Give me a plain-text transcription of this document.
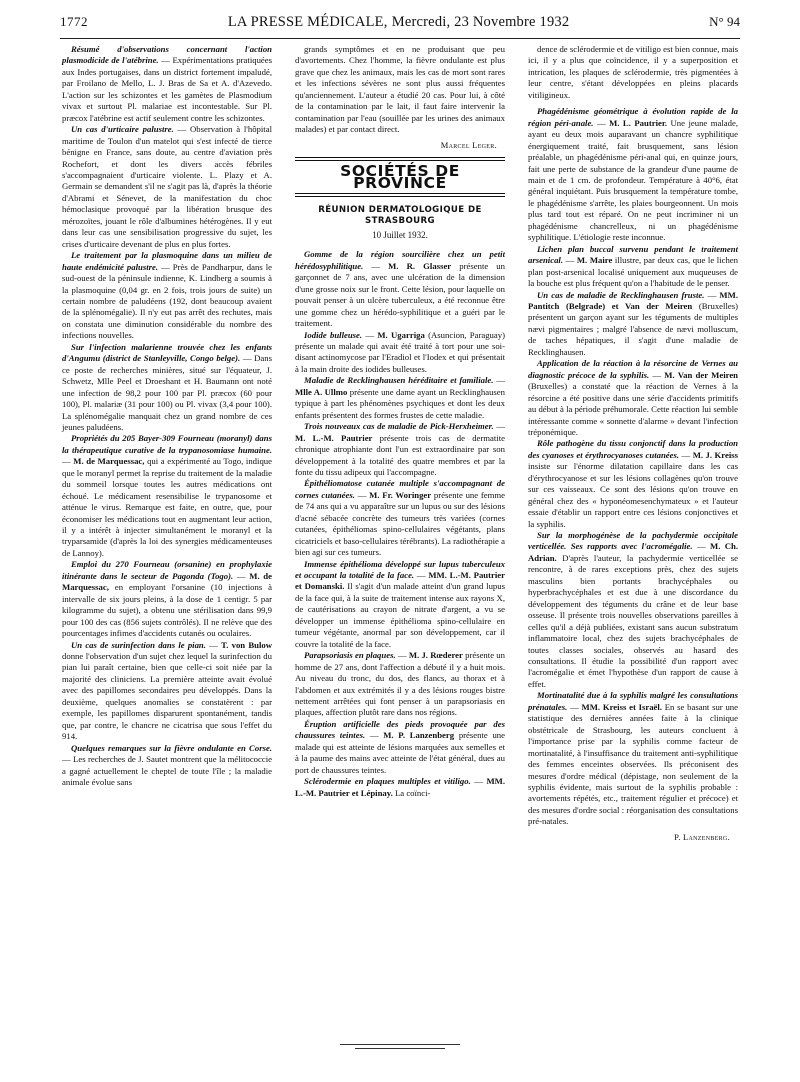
1772	LA PRESSE MÉDICALE, Mercredi, 23 Novembre 1932	N° 94

Résumé d'observations concernant l'action plasmodicide de l'atébrine. — Expérimentations pratiquées aux Indes portugaises, dans un district fortement impaludé, par Froilano de Mello, L. J. Bras de Sa et A. d'Azevedo. L'action sur les schizontes et les gamètes de Plasmodium vivax et surtout Pl. malariae est incontestable. Sur Pl. præcox l'atébrine est actif seulement contre les schizontes.

Un cas d'urticaire palustre. — Observation à l'hôpital maritime de Toulon d'un matelot qui s'est infecté de tierce bénigne en France, sans doute, au centre d'aviation près Rochefort, et dont les divers accès fébriles s'accompagnaient d'urticaire violente. L. Plazy et A. Germain se demandent s'il ne s'agit pas là, d'après la théorie d'Abrami et Sénevet, de la manifestation du choc hémoclasique provoqué par la libération brusque des mérozoïtes, jouant le rôle d'albumines hétérogènes. Il y eut dans leur cas une sensibilisation progressive du sujet, les crises d'urticaire devenant de plus en plus fortes.

Le traitement par la plasmoquine dans un milieu de haute endémicité palustre. — Près de Pandharpur, dans le sud-ouest de la péninsule indienne, K. Lindberg a soumis à la plasmoquine (0,04 gr. en 2 fois, trois jours de suite) un certain nombre de paludéens (192, dont beaucoup avaient de la splénomégalie). Il n'y eut pas arrêt des rechutes, mais on constata une diminution considérable du nombre des infections nouvelles.

Sur l'infection malarienne trouvée chez les enfants d'Angumu (district de Stanleyville, Congo belge). — Dans ce poste de recherches minières, situé sur l'équateur, J. Schwetz, Mlle Peel et Droeshant et H. Baumann ont noté une infection de 98,2 pour 100 par Pl. præcox (60 pour 100), Pl. malariæ (31 pour 100) ou Pl. vivax (3,4 pour 100). La splénomégalie manquait chez un grand nombre de ces jeunes paludéens.

Propriétés du 205 Bayer-309 Fourneau (moranyl) dans la thérapeutique curative de la trypanosomiase humaine. — M. de Marquessac, qui a expérimenté au Togo, indique que le moranyl permet la reprise du traitement de la maladie du sommeil lorsque toutes les autres médications ont échoué. Le médicament resensibilise le trypanosome et atténue le virus. Remarque est faite, en outre, que, pour économiser les médications tout en augmentant leur action, il y a intérêt à injecter simultanément le moranyl et la tryparsamide (d'après la loi des synergies médicamenteuses de Lannoy).

Emploi du 270 Fourneau (orsanine) en prophylaxie itinérante dans le secteur de Pagonda (Togo). — M. de Marquessac, en employant l'orsanine (10 injections à intervalle de six jours pleins, à la dose de 1 centigr. 5 par kilogramme du sujet), a obtenu une stérilisation dans 99,9 pour 100 des cas (856 sujets contrôlés). Il ne relève que des pourcentages infimes d'accidents cutanés ou oculaires.

Un cas de surinfection dans le pian. — T. von Bulow donne l'observation d'un sujet chez lequel la surinfection du pian lui paraît certaine, bien que celle-ci soit niée par la majorité des cliniciens. La première atteinte avait évolué avec des papillomes secondaires peu développés. Dans la deuxième, quelques anomalies se constatèrent : par exemple, les papillomes disparurent spontanément, tandis que, par contre, le chancre ne cicatrisa que sous l'effet du 914.

Quelques remarques sur la fièvre ondulante en Corse. — Les recherches de J. Sautet montrent que la mélitococcie a gagné actuellement le cheptel de toute l'île ; la maladie animale évolue sans

grands symptômes et en ne produisant que peu d'avortements. Chez l'homme, la fièvre ondulante est plus grave que chez les animaux, mais les cas de mort sont rares et les infections sévères ne sont plus aussi fréquentes qu'anciennement. L'auteur a étudié 20 cas. Pour lui, à côté de la contamination par le lait, il faut faire intervenir la contamination par l'eau (souillée par les urines des animaux malades) et par contact direct.

Marcel Leger.
SOCIÉTÉS DE PROVINCE
RÉUNION DERMATOLOGIQUE DE STRASBOURG
10 Juillet 1932.

Gomme de la région sourcilière chez un petit hérédosyphilitique. — M. R. Glasser présente un garçonnet de 7 ans, avec une ulcération de la dimension d'une grosse noix sur le front. Cette lésion, pour laquelle on pouvait penser à un ulcère tuberculeux, a été reconnue être une gomme chez un hérédo-syphilitique et a guéri par le traitement.

Iodide bulleuse. — M. Ugarriga (Asuncion, Paraguay) présente un malade qui avait été traité à tort pour une soi-disant actinomycose par l'Eradiol et l'Iodex et qui présentait à la main droite des iodides bulleuses.

Maladie de Recklinghausen héréditaire et familiale. — Mlle A. Ullmo présente une dame ayant un Recklinghausen typique à part les phénomènes psychiques et dont les deux enfants présentent des formes frustes de cette maladie.

Trois nouveaux cas de maladie de Pick-Herxheimer. — M. L.-M. Pautrier présente trois cas de dermatite chronique atrophiante dont l'un est extraordinaire par son développement à la totalité des quatre membres et par la fonte du tissu adipeux qui l'accompagne.

Épithéliomatose cutanée multiple s'accompagnant de cornes cutanées. — M. Fr. Woringer présente une femme de 74 ans qui a vu apparaître sur un lupus ou sur des lésions d'acné sébacée concrète des tumeurs très variées (cornes cutanées, épithéliomas spino-cellulaires végétants, plans cicatriciels et baso-cellulaires térébrants). La radiothérapie a bien agi sur ces tumeurs.

Immense épithélioma développé sur lupus tuberculeux et occupant la totalité de la face. — MM. L.-M. Pautrier et Domanski. Il s'agit d'un malade atteint d'un grand lupus de la face qui, à la suite de traitement intense aux rayons X, de cautérisations au crayon de nitrate d'argent, a vu se développer un immense épithélioma spino-cellulaire en tumeur végétante, anormal par son développement, car il couvre la totalité de la face.

Parapsoriasis en plaques. — M. J. Rœderer présente un homme de 27 ans, dont l'affection a débuté il y a huit mois. Au niveau du tronc, du dos, des flancs, au thorax et à l'abdomen et aux extrémités il y a des lésions rouges bistre nettement arrêtées qui font penser à un parapsoriasis en plaques, affection plutôt rare dans nos régions.

Éruption artificielle des pieds provoquée par des chaussures teintes. — M. P. Lanzenberg présente une malade qui est atteinte de lésions marquées aux semelles et à la paume des mains avec atteinte de l'état général, dues au port de chaussures teintes.

Sclérodermie en plaques multiples et vitiligo. — MM. L.-M. Pautrier et Lépinay. La coïnci-

dence de sclérodermie et de vitiligo est bien connue, mais ici, il y a plus que coïncidence, il y a superposition et intrication, les plaques de sclérodermie, très pigmentées à leur centre, s'étant développées en pleins placards vitiligineux.

Phagédénisme géométrique à évolution rapide de la région péri-anale. — M. L. Pautrier. Une jeune malade, ayant eu deux mois auparavant un chancre syphilitique énergiquement traité, fait brusquement, sans lésion préalable, un phagédénisme péri-anal qui, en quinze jours, fait une perte de substance de la grandeur d'une paume de main et de 1 cm. de profondeur. Température à 40°6, état général inquiétant. Puis brusquement la température tombe, le phagédénisme s'arrête, les plaies bourgeonnent. Un mois plus tard tout est réparé. On ne peut incriminer ni un phagédénisme chancrelleux, ni un phagédénisme syphilitique. L'étiologie reste inconnue.

Lichen plan buccal survenu pendant le traitement arsenical. — M. Maire illustre, par deux cas, que le lichen plan post-arsenical localisé uniquement aux muqueuses de la bouche est plus fréquent qu'on a l'habitude de le penser.

Un cas de maladie de Recklinghausen fruste. — MM. Pantitch (Belgrade) et Van der Meiren (Bruxelles) présentent un garçon ayant sur les téguments de multiples nævi pigmentaires ; malgré l'absence de nævi molluscum, de taches hépatiques, il s'agit d'une maladie de Recklinghausen.

Application de la réaction à la résorcine de Vernes au diagnostic précoce de la syphilis. — M. Van der Meiren (Bruxelles) a constaté que la réaction de Vernes à la résorcine a été positive dans une série d'accidents primitifs au début à la période préhumorale. Cette réaction lui semble intéressante comme « sonnette d'alarme » devant l'infection tréponémique.

Rôle pathogène du tissu conjonctif dans la production des cyanoses et érythrocyanoses cutanées. — M. J. Kreiss insiste sur l'énorme dilatation capillaire dans les cas d'érythrocyanose et sur les lésions collagènes qu'on trouve sur ces vaisseaux. Ce sont des lésions qu'on trouve en général chez des « hyponéomesenchymateux » et l'auteur essaie d'établir un rapport entre ces lésions conjonctives et la syphilis.

Sur la morphogénèse de la pachydermie occipitale verticellée. Ses rapports avec l'acromégalie. — M. Ch. Adrian. D'après l'auteur, la pachydermie verticellée se rencontre, à de rares exceptions près, chez des sujets masculins bien portants brachycéphales ou hyperbrachycéphales et est due à une discordance du développement des téguments du crâne et de leur base osseuse. Il présente trois nouvelles observations pareilles à celles qu'il a déjà publiées, existant sans aucun substratum inflammatoire local, chez des sujets brachycéphales de toutes classes sociales, observés au hasard des consultations. Il étudie la possibilité d'un rapport avec l'acromégalie et émet l'hypothèse d'un rapport de cause à effet.

Mortinatalité due à la syphilis malgré les consultations prénatales. — MM. Kreiss et Israël. En se basant sur une statistique des dernières années faite à la clinique obstétricale de Strasbourg, les auteurs concluent à l'importance prise par la syphilis comme facteur de mortinatalité, à l'insuffisance du traitement anti-syphilitique des femmes enceintes observées. Ils préconisent des mesures d'ordre médical (dépistage, non seulement de la syphilis évidente, mais surtout de la syphilis probable : avortements répétés, etc., traitement régulier et précoce) et des mesures d'ordre social : réorganisation des consultations pré-natales.

P. Lanzenberg.
